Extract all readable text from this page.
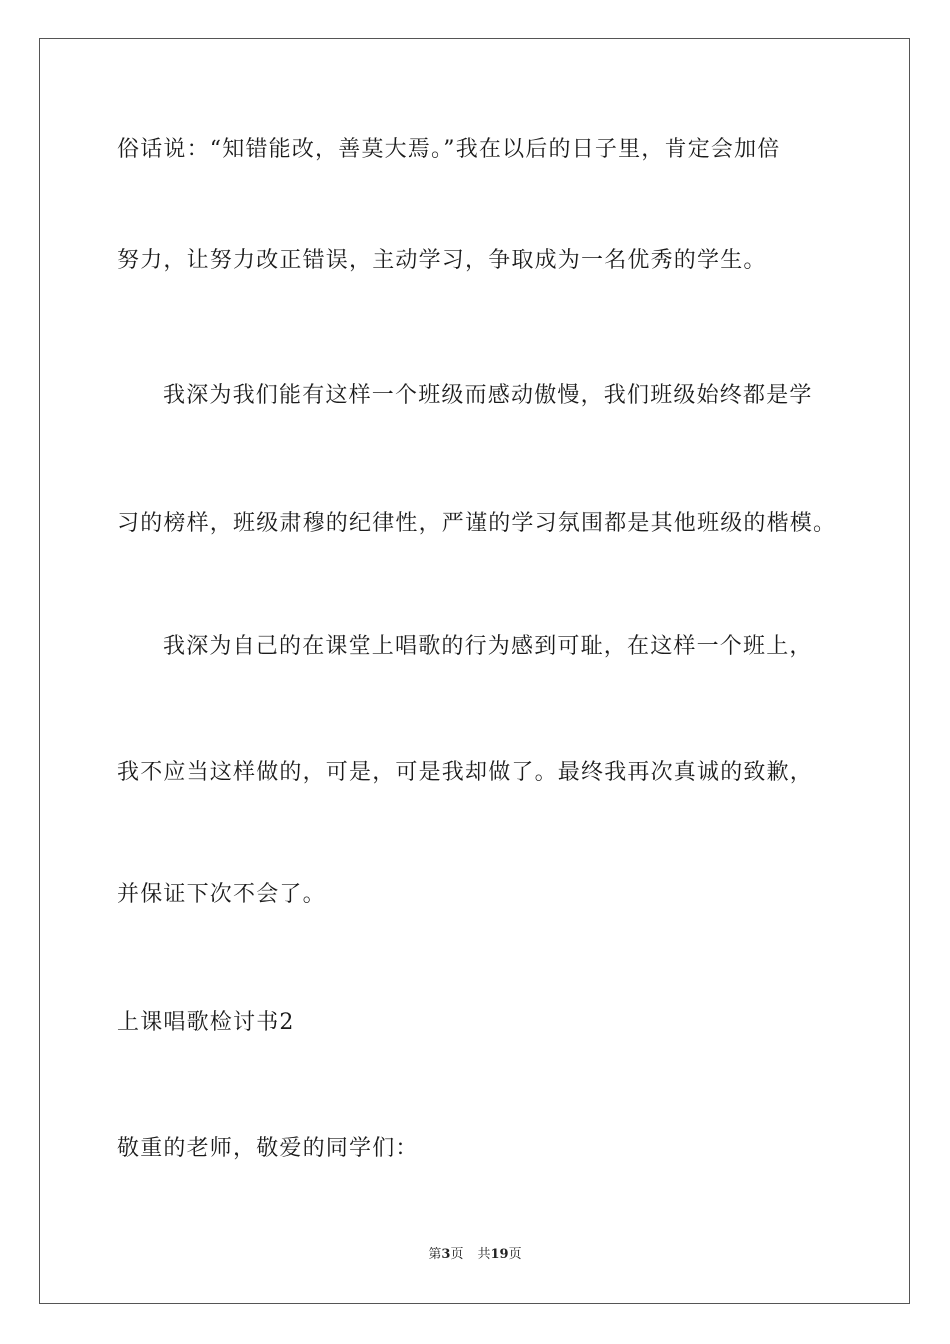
俗话说：“知错能改，善莫大焉。”我在以后的日子里，肯定会加倍
努力，让努力改正错误，主动学习，争取成为一名优秀的学生。
我深为我们能有这样一个班级而感动傲慢，我们班级始终都是学
习的榜样，班级肃穆的纪律性，严谨的学习氛围都是其他班级的楷模。
我深为自己的在课堂上唱歌的行为感到可耻，在这样一个班上，
我不应当这样做的，可是，可是我却做了。最终我再次真诚的致歉，
并保证下次不会了。
上课唱歌检讨书2
敬重的老师，敬爱的同学们：
第3页 共19页
